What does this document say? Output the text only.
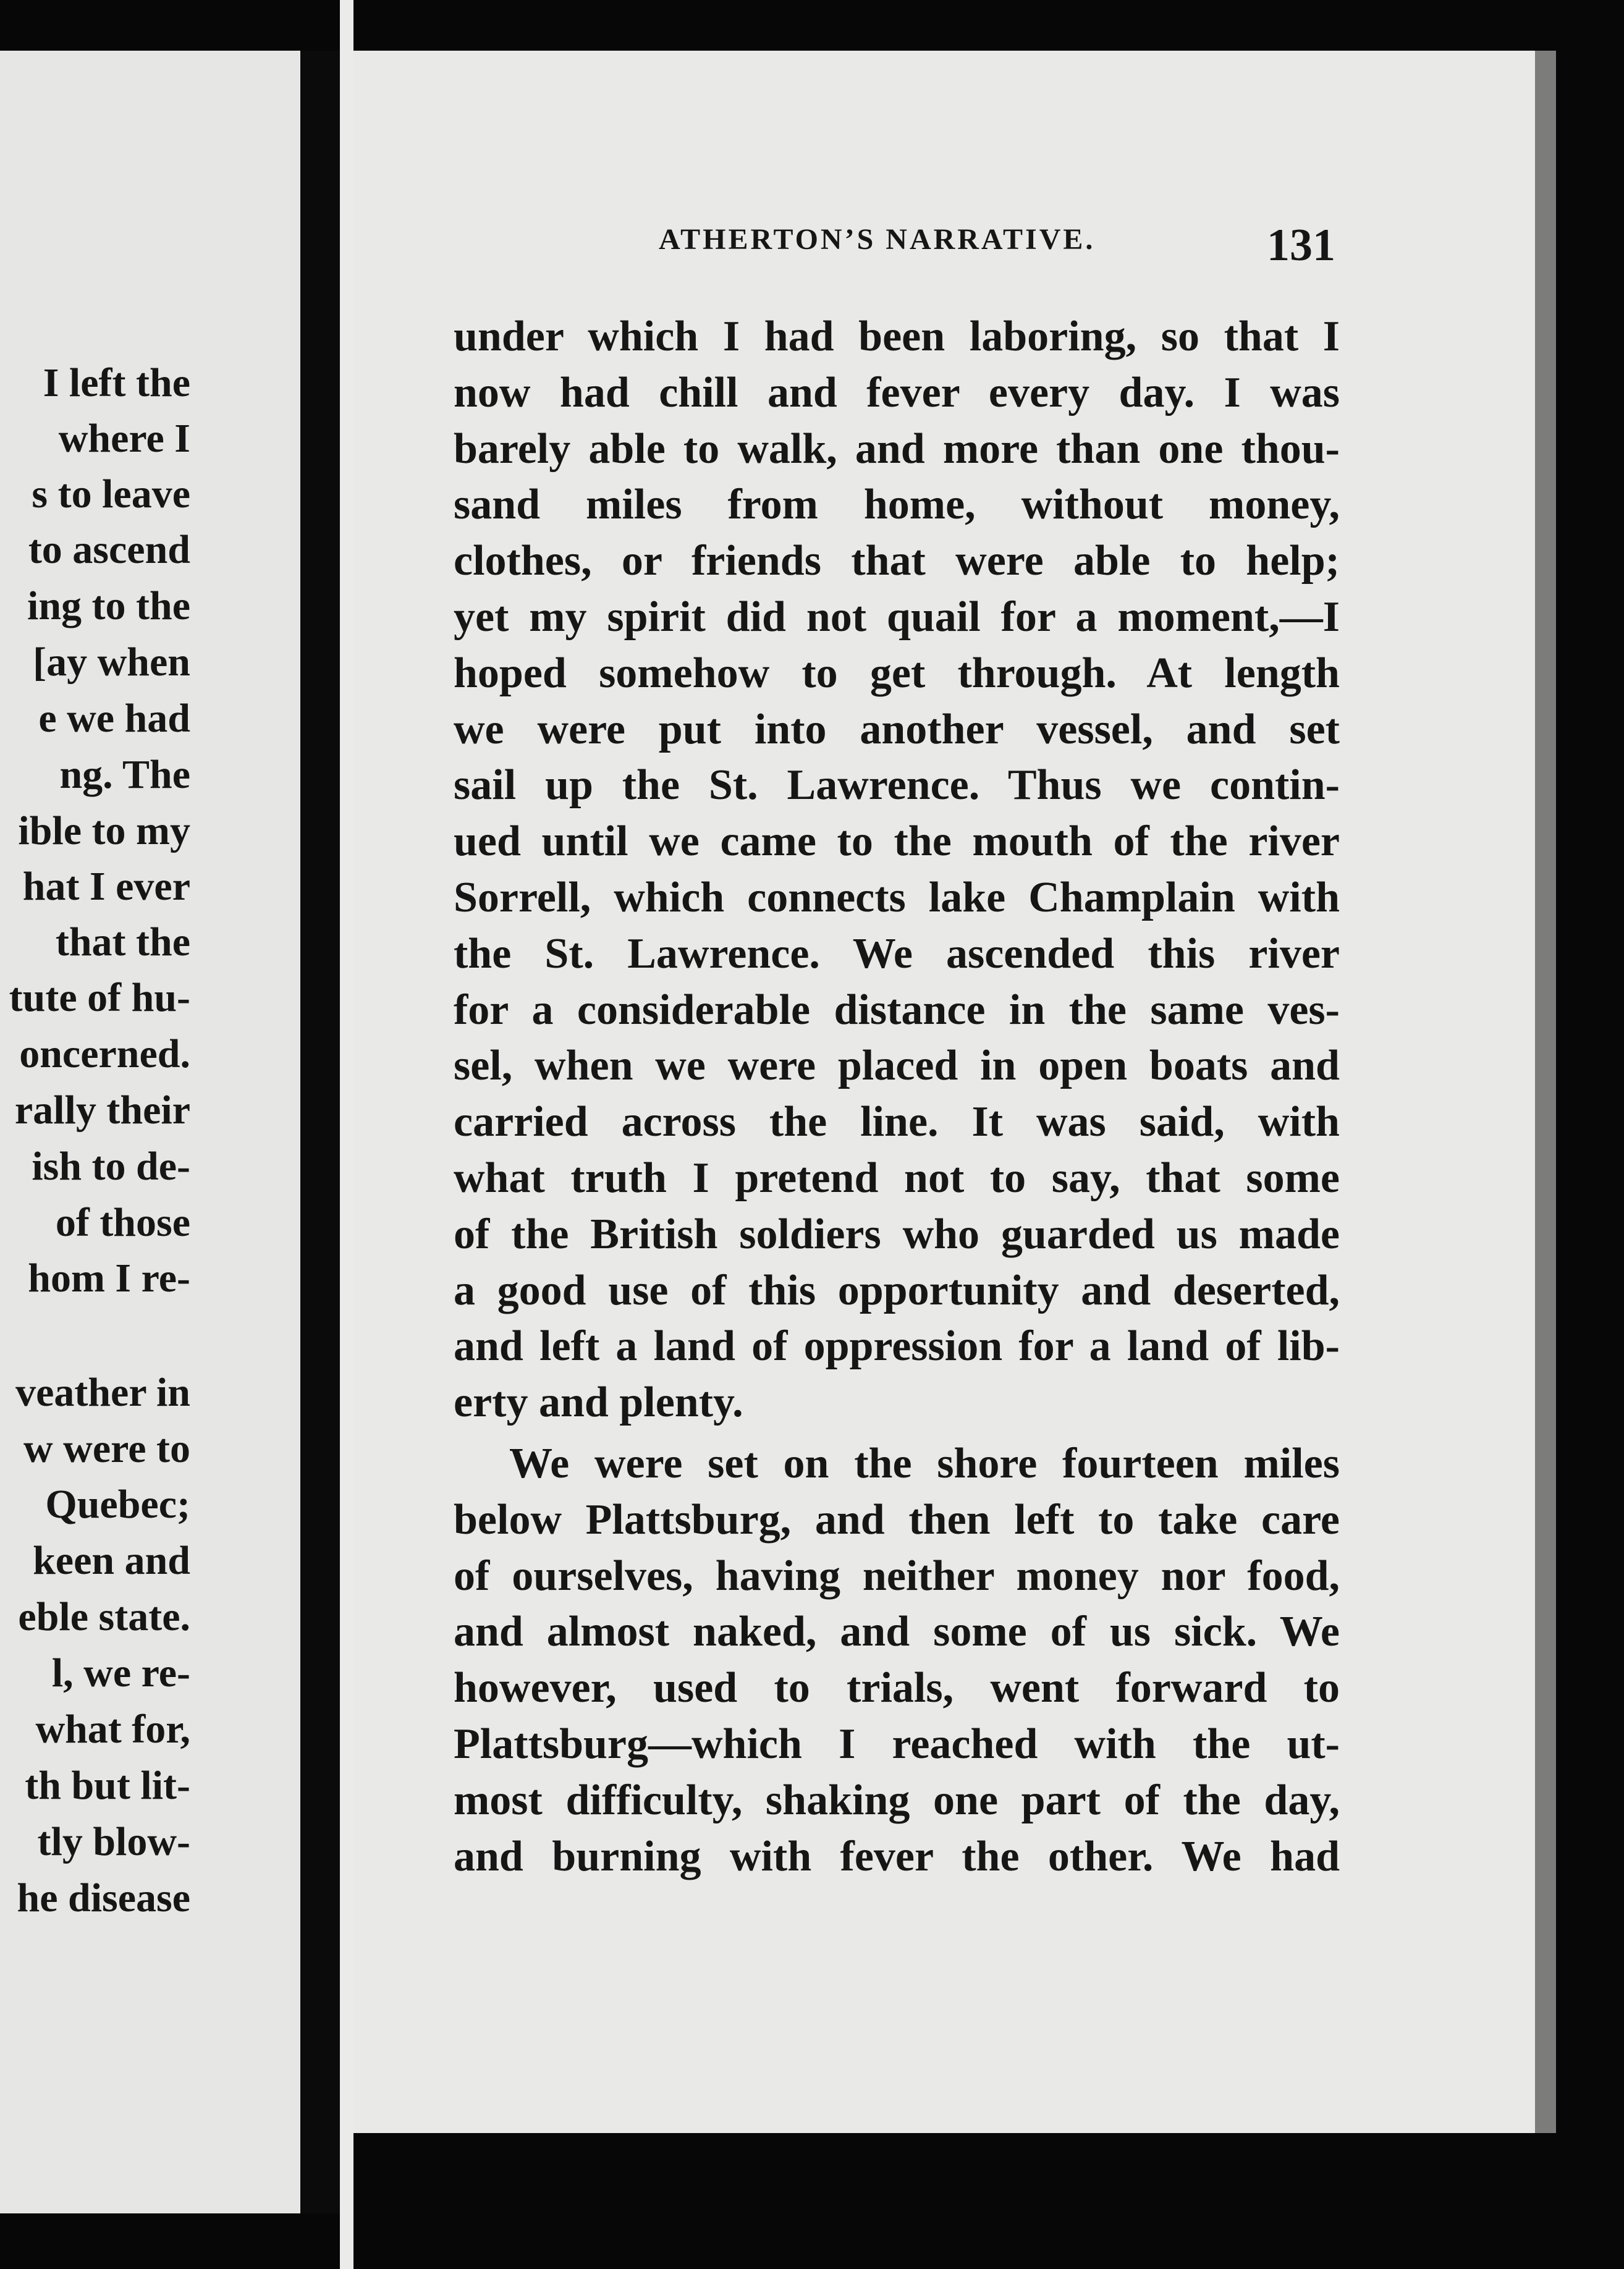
I left the
where I
s to leave
to ascend
ing to the
[ay when
e we had
ng. The
ible to my
hat I ever
that the
tute of hu-
oncerned.
rally their
ish to de-
of those
hom I re-
veather in
w were to
Quebec;
keen and
eble state.
l, we re-
what for,
th but lit-
tly blow-
he disease
ATHERTON’S NARRATIVE.	131
under which I had been laboring, so that I
now had chill and fever every day. I was
barely able to walk, and more than one thou-
sand miles from home, without money,
clothes, or friends that were able to help;
yet my spirit did not quail for a moment,—I
hoped somehow to get through. At length
we were put into another vessel, and set
sail up the St. Lawrence. Thus we contin-
ued until we came to the mouth of the river
Sorrell, which connects lake Champlain with
the St. Lawrence. We ascended this river
for a considerable distance in the same ves-
sel, when we were placed in open boats and
carried across the line. It was said, with
what truth I pretend not to say, that some
of the British soldiers who guarded us made
a good use of this opportunity and deserted,
and left a land of oppression for a land of lib-
erty and plenty.
We were set on the shore fourteen miles
below Plattsburg, and then left to take care
of ourselves, having neither money nor food,
and almost naked, and some of us sick. We
however, used to trials, went forward to
Plattsburg—which I reached with the ut-
most difficulty, shaking one part of the day,
and burning with fever the other. We had
